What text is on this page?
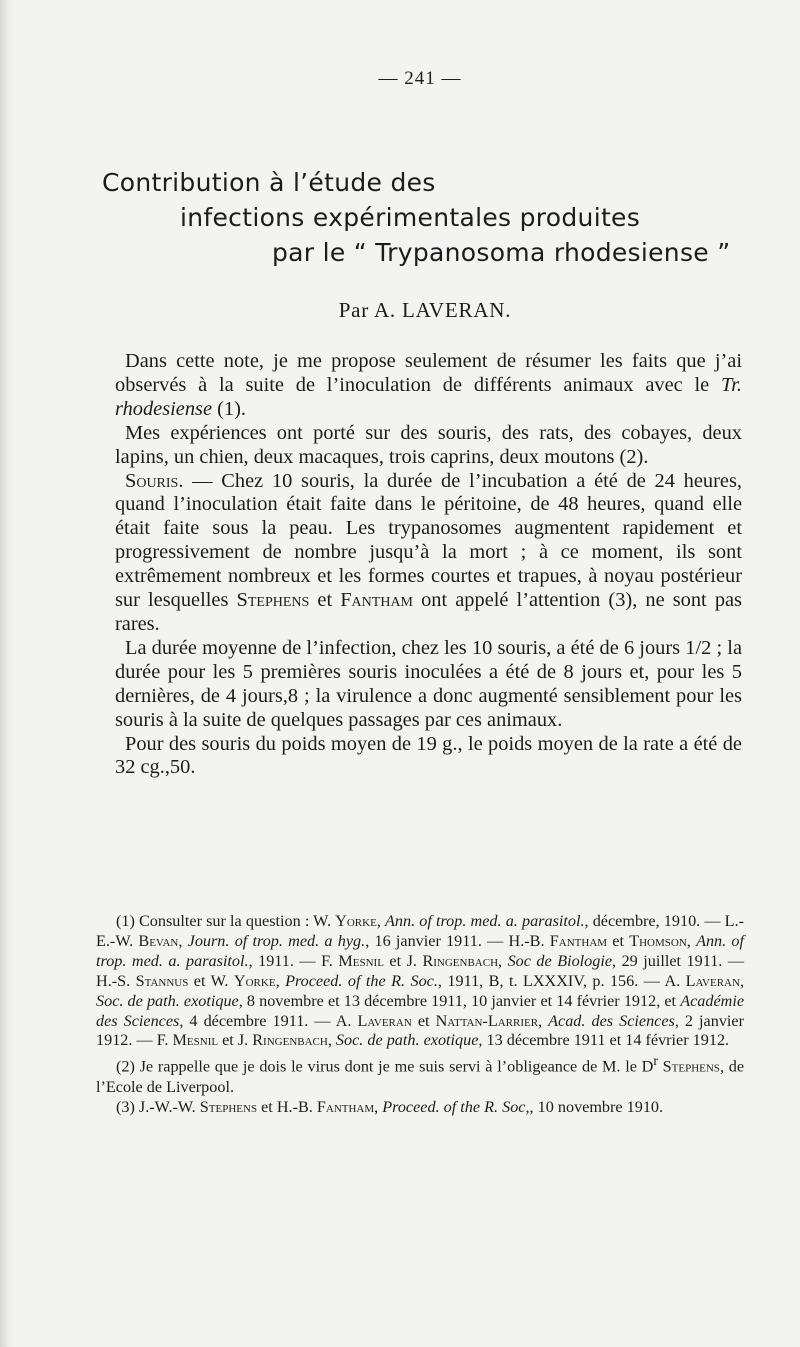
— 241 —
Contribution à l’étude des
infections expérimentales produites
par le “ Trypanosoma rhodesiense ”
Par A. LAVERAN.

Dans cette note, je me propose seulement de résumer les faits que j’ai observés à la suite de l’inoculation de différents animaux avec le Tr. rhodesiense (1).

Mes expériences ont porté sur des souris, des rats, des cobayes, deux lapins, un chien, deux macaques, trois caprins, deux moutons (2).

Souris. — Chez 10 souris, la durée de l’incubation a été de 24 heures, quand l’inoculation était faite dans le péritoine, de 48 heures, quand elle était faite sous la peau. Les trypanosomes augmentent rapidement et progressivement de nombre jusqu’à la mort ; à ce moment, ils sont extrêmement nombreux et les formes courtes et trapues, à noyau postérieur sur lesquelles Stephens et Fantham ont appelé l’attention (3), ne sont pas rares.

La durée moyenne de l’infection, chez les 10 souris, a été de 6 jours 1/2 ; la durée pour les 5 premières souris inoculées a été de 8 jours et, pour les 5 dernières, de 4 jours,8 ; la virulence a donc augmenté sensiblement pour les souris à la suite de quelques passages par ces animaux.

Pour des souris du poids moyen de 19 g., le poids moyen de la rate a été de 32 cg.,50.

(1) Consulter sur la question : W. Yorke, Ann. of trop. med. a. parasitol., décembre, 1910. — L.-E.-W. Bevan, Journ. of trop. med. a hyg., 16 janvier 1911. — H.-B. Fantham et Thomson, Ann. of trop. med. a. parasitol., 1911. — F. Mesnil et J. Ringenbach, Soc de Biologie, 29 juillet 1911. — H.-S. Stannus et W. Yorke, Proceed. of the R. Soc., 1911, B, t. LXXXIV, p. 156. — A. Laveran, Soc. de path. exotique, 8 novembre et 13 décembre 1911, 10 janvier et 14 février 1912, et Académie des Sciences, 4 décembre 1911. — A. Laveran et Nattan-Larrier, Acad. des Sciences, 2 janvier 1912. — F. Mesnil et J. Ringenbach, Soc. de path. exotique, 13 décembre 1911 et 14 février 1912.

(2) Je rappelle que je dois le virus dont je me suis servi à l’obligeance de M. le $D^r$ Stephens, de l’Ecole de Liverpool.

(3) J.-W.-W. Stephens et H.-B. Fantham, Proceed. of the R. Soc,, 10 novembre 1910.
